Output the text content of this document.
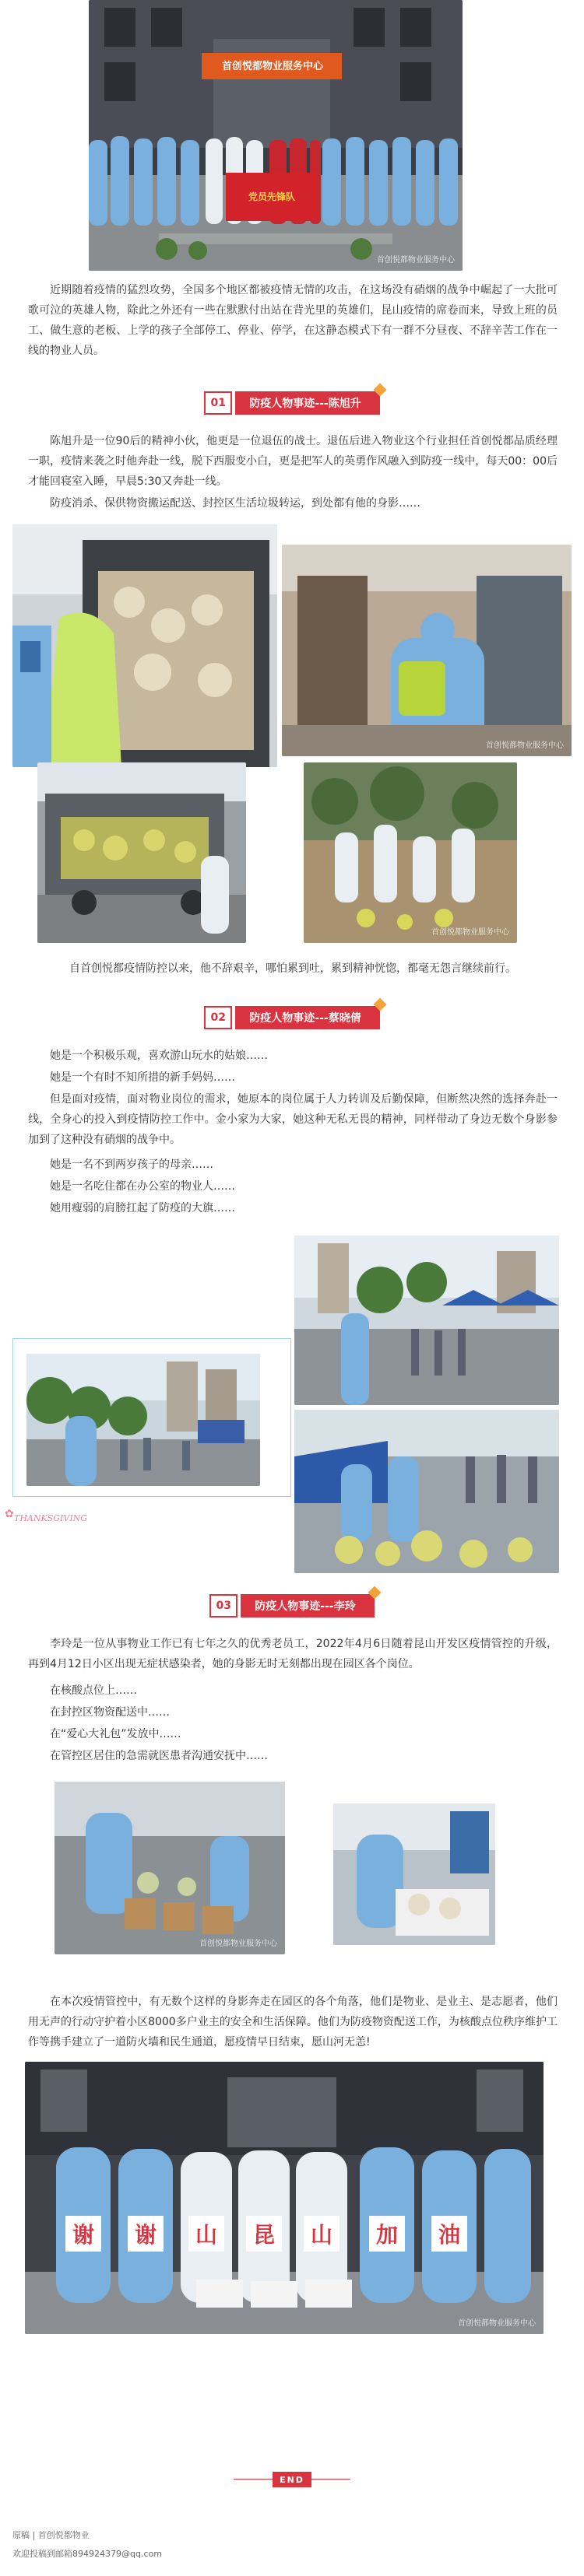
首创悦都物业服务中心
党员先锋队
首创悦都物业服务中心

近期随着疫情的猛烈攻势，全国多个地区都被疫情无情的攻击，在这场没有硝烟的战争中崛起了一大批可歌可泣的英雄人物，除此之外还有一些在默默付出站在背光里的英雄们，昆山疫情的席卷而来，导致上班的员工、做生意的老板、上学的孩子全部停工、停业、停学，在这静态模式下有一群不分昼夜、不辞辛苦工作在一线的物业人员。

01	防疫人物事迹---陈旭升

陈旭升是一位90后的精神小伙，他更是一位退伍的战士。退伍后进入物业这个行业担任首创悦都品质经理一职，疫情来袭之时他奔赴一线，脱下西服变小白，更是把军人的英勇作风融入到防疫一线中，每天00：00后才能回寝室入睡，早晨5:30又奔赴一线。

防疫消杀、保供物资搬运配送、封控区生活垃圾转运，到处都有他的身影……

首创悦都物业服务中心
首创悦都物业服务中心

自首创悦都疫情防控以来，他不辞艰辛，哪怕累到吐，累到精神恍惚，都毫无怨言继续前行。

02	防疫人物事迹---蔡晓倩

她是一个积极乐观，喜欢游山玩水的姑娘……

她是一个有时不知所措的新手妈妈……

但是面对疫情，面对物业岗位的需求，她原本的岗位属于人力转训及后勤保障，但断然决然的选择奔赴一线，全身心的投入到疫情防控工作中。金小家为大家，她这种无私无畏的精神，同样带动了身边无数个身影参加到了这种没有硝烟的战争中。

她是一名不到两岁孩子的母亲……

她是一名吃住都在办公室的物业人……

她用瘦弱的肩膀扛起了防疫的大旗……

✿ THANKSGIVING
03	防疫人物事迹---李玲

李玲是一位从事物业工作已有七年之久的优秀老员工，2022年4月6日随着昆山开发区疫情管控的升级，再到4月12日小区出现无症状感染者，她的身影无时无刻都出现在园区各个岗位。

在核酸点位上……

在封控区物资配送中……

在“爱心大礼包”发放中……

在管控区居住的急需就医患者沟通安抚中……

首创悦都物业服务中心

在本次疫情管控中，有无数个这样的身影奔走在园区的各个角落，他们是物业、是业主、是志愿者，他们用无声的行动守护着小区8000多户业主的安全和生活保障。他们为防疫物资配送工作，为核酸点位秩序维护工作等携手建立了一道防火墙和民生通道，愿疫情早日结束，愿山河无恙!

谢	谢	山	昆	山	加	油
首创悦都物业服务中心
END
原稿 | 首创悦都物业
欢迎投稿到邮箱894924379@qq.com
